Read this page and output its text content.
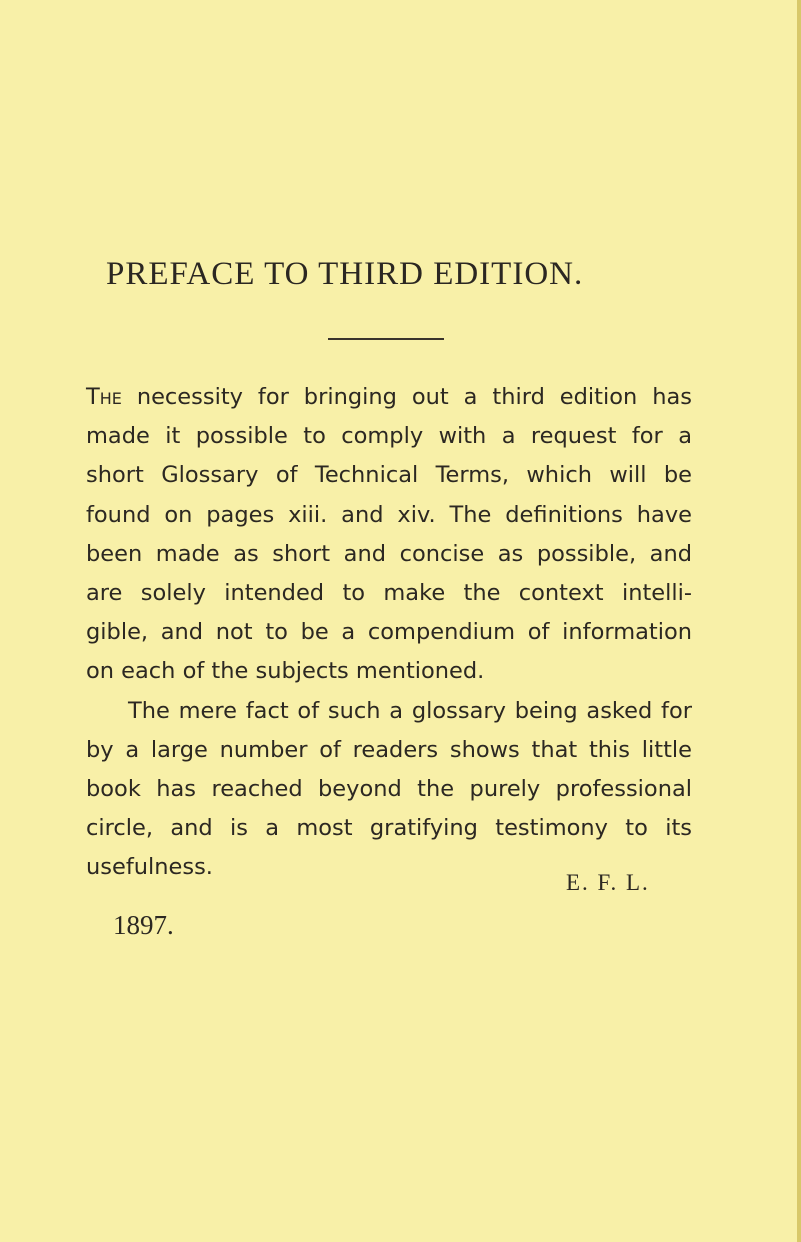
PREFACE TO THIRD EDITION.
The necessity for bringing out a third edition has
made it possible to comply with a request for a
short Glossary of Technical Terms, which will be
found on pages xiii. and xiv. The definitions have
been made as short and concise as possible, and
are solely intended to make the context intelli-
gible, and not to be a compendium of information
on each of the subjects mentioned.
The mere fact of such a glossary being asked for
by a large number of readers shows that this little
book has reached beyond the purely professional
circle, and is a most gratifying testimony to its
usefulness.
E. F. L.
1897.
